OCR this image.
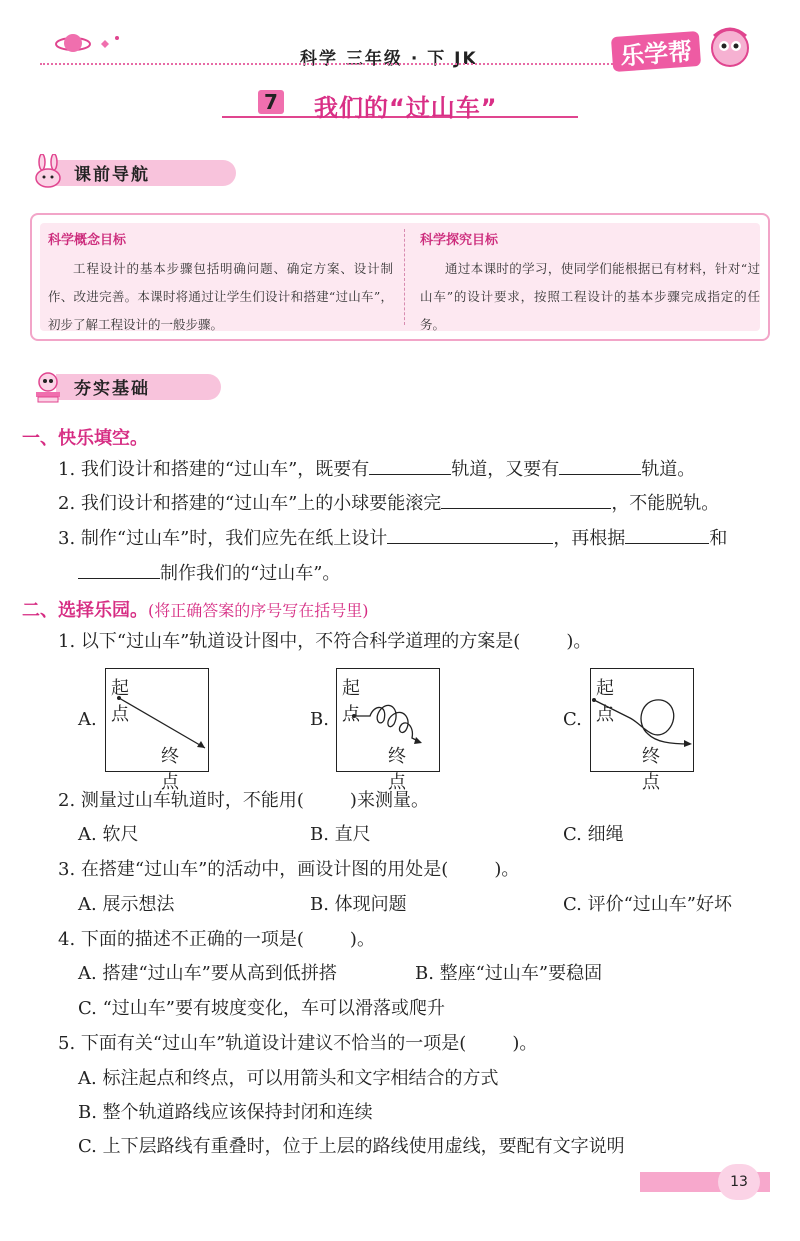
科学 三年级 · 下 JK	乐学帮
7 我们的“过山车”
课前导航
科学概念目标

工程设计的基本步骤包括明确问题、确定方案、设计制作、改进完善。本课时将通过让学生们设计和搭建“过山车”，初步了解工程设计的一般步骤。

科学探究目标

通过本课时的学习，使同学们能根据已有材料，针对“过山车”的设计要求，按照工程设计的基本步骤完成指定的任务。

夯实基础
一、快乐填空。
1. 我们设计和搭建的“过山车”，既要有	轨道，又要有	轨道。
2. 我们设计和搭建的“过山车”上的小球要能滚完	，不能脱轨。
3. 制作“过山车”时，我们应先在纸上设计	，再根据	和
制作我们的“过山车”。
二、选择乐园。(将正确答案的序号写在括号里)
1. 以下“过山车”轨道设计图中，不符合科学道理的方案是(	)。
A.
起点
终点
B.
起点
终点
C.
起点
终点
2. 测量过山车轨道时，不能用(	)来测量。
A. 软尺	B. 直尺	C. 细绳
3. 在搭建“过山车”的活动中，画设计图的用处是(	)。
A. 展示想法	B. 体现问题	C. 评价“过山车”好坏
4. 下面的描述不正确的一项是(	)。
A. 搭建“过山车”要从高到低拼搭	B. 整座“过山车”要稳固
C. “过山车”要有坡度变化，车可以滑落或爬升
5. 下面有关“过山车”轨道设计建议不恰当的一项是(	)。
A. 标注起点和终点，可以用箭头和文字相结合的方式
B. 整个轨道路线应该保持封闭和连续
C. 上下层路线有重叠时，位于上层的路线使用虚线，要配有文字说明
13
